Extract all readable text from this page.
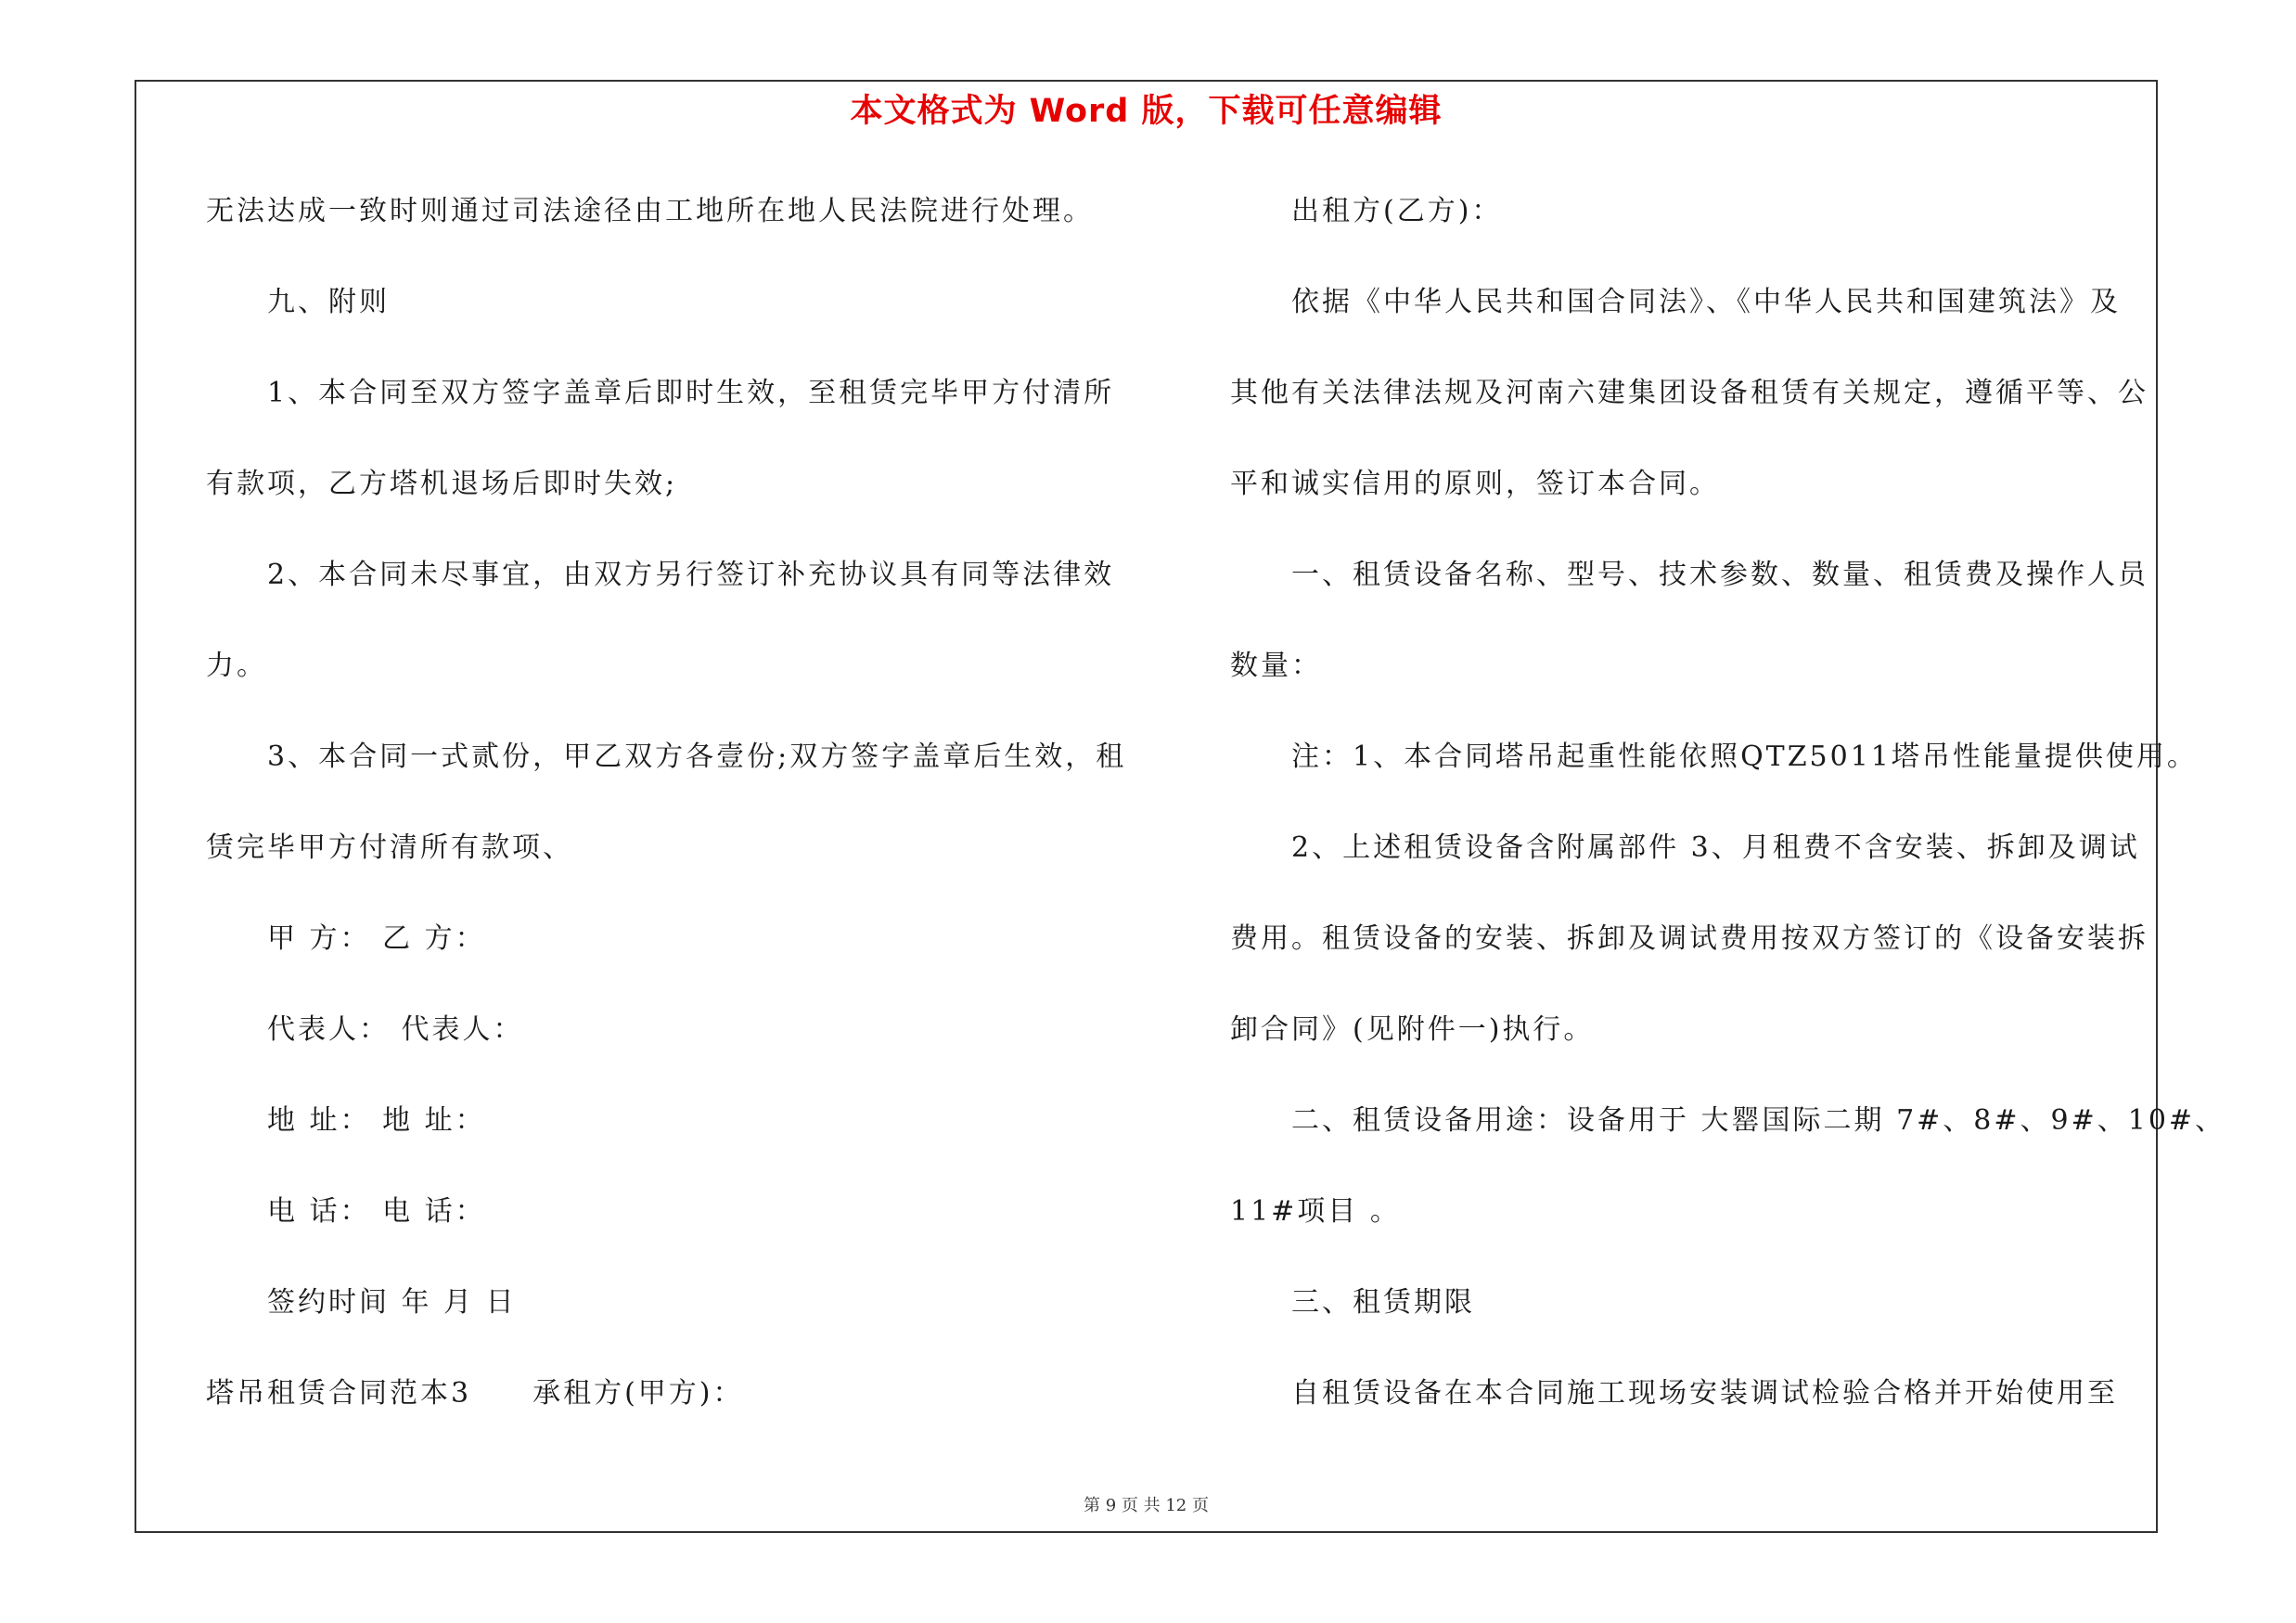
本文格式为 Word 版，下载可任意编辑
无法达成一致时则通过司法途径由工地所在地人民法院进行处理。
九、附则
1、本合同至双方签字盖章后即时生效，至租赁完毕甲方付清所
有款项，乙方塔机退场后即时失效;
2、本合同未尽事宜，由双方另行签订补充协议具有同等法律效
力。
3、本合同一式贰份，甲乙双方各壹份;双方签字盖章后生效，租
赁完毕甲方付清所有款项、
甲 方： 乙 方：
代表人： 代表人：
地 址： 地 址：
电 话： 电 话：
签约时间 年 月 日
塔吊租赁合同范本3 承租方(甲方)：
出租方(乙方)：
依据《中华人民共和国合同法》、《中华人民共和国建筑法》及
其他有关法律法规及河南六建集团设备租赁有关规定，遵循平等、公
平和诚实信用的原则，签订本合同。
一、租赁设备名称、型号、技术参数、数量、租赁费及操作人员
数量：
注：1、本合同塔吊起重性能依照QTZ5011塔吊性能量提供使用。
2、上述租赁设备含附属部件 3、月租费不含安装、拆卸及调试
费用。租赁设备的安装、拆卸及调试费用按双方签订的《设备安装拆
卸合同》(见附件一)执行。
二、租赁设备用途：设备用于 大罂国际二期 7#、8#、9#、10#、
11#项目 。
三、租赁期限
自租赁设备在本合同施工现场安装调试检验合格并开始使用至
第 9 页 共 12 页
